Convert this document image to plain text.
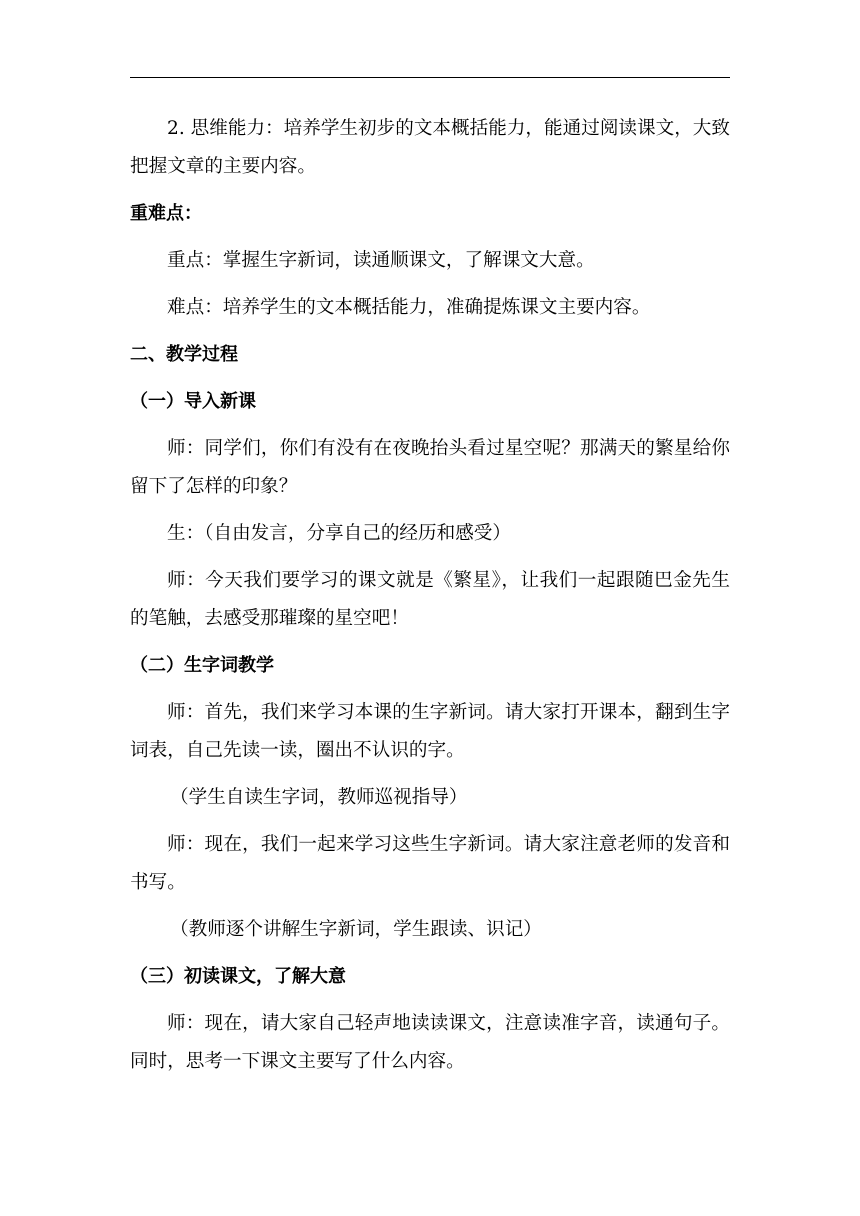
2. 思维能力：培养学生初步的文本概括能力，能通过阅读课文，大致把握文章的主要内容。

重难点：

重点：掌握生字新词，读通顺课文，了解课文大意。

难点：培养学生的文本概括能力，准确提炼课文主要内容。

二、教学过程

（一）导入新课

师：同学们，你们有没有在夜晚抬头看过星空呢？那满天的繁星给你留下了怎样的印象？

生：（自由发言，分享自己的经历和感受）

师：今天我们要学习的课文就是《繁星》，让我们一起跟随巴金先生的笔触，去感受那璀璨的星空吧！

（二）生字词教学

师：首先，我们来学习本课的生字新词。请大家打开课本，翻到生字词表，自己先读一读，圈出不认识的字。

（学生自读生字词，教师巡视指导）

师：现在，我们一起来学习这些生字新词。请大家注意老师的发音和书写。

（教师逐个讲解生字新词，学生跟读、识记）

（三）初读课文，了解大意

师：现在，请大家自己轻声地读读课文，注意读准字音，读通句子。同时，思考一下课文主要写了什么内容。
